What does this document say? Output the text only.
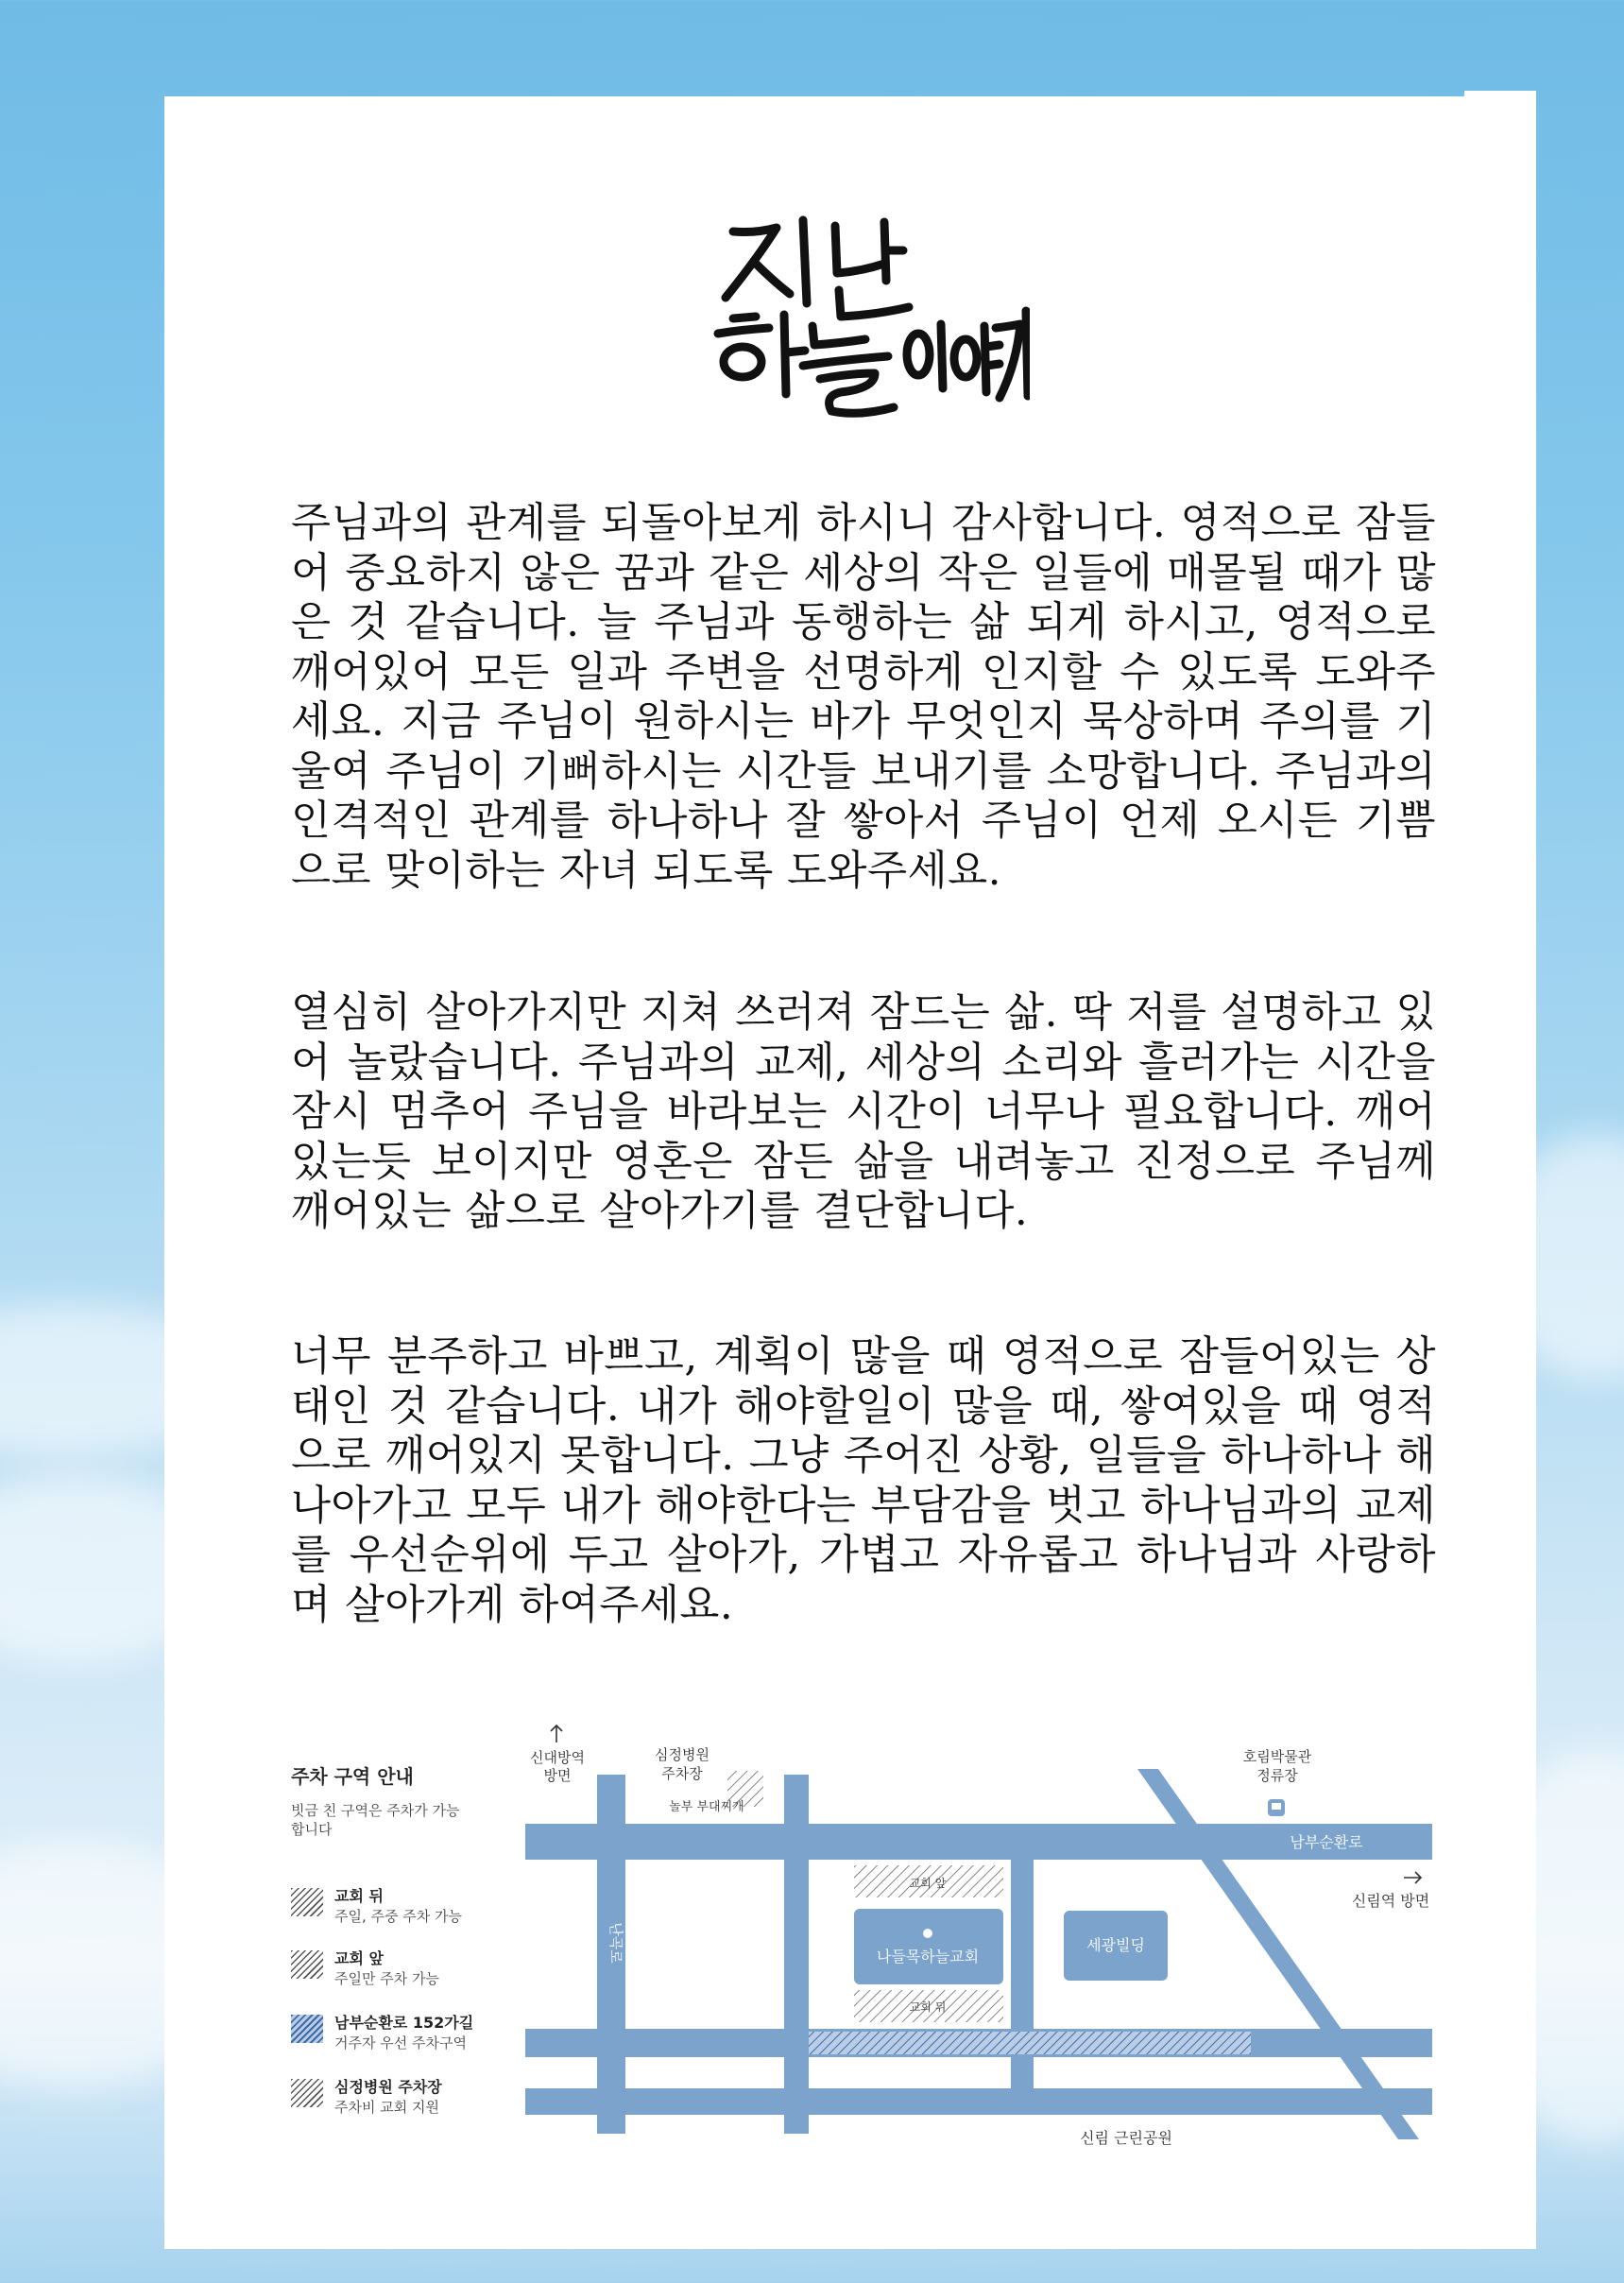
주님과의 관계를 되돌아보게 하시니 감사합니다. 영적으로 잠들어 중요하지 않은 꿈과 같은 세상의 작은 일들에 매몰될 때가 많은 것 같습니다. 늘 주님과 동행하는 삶 되게 하시고, 영적으로 깨어있어 모든 일과 주변을 선명하게 인지할 수 있도록 도와주세요. 지금 주님이 원하시는 바가 무엇인지 묵상하며 주의를 기울여 주님이 기뻐하시는 시간들 보내기를 소망합니다. 주님과의 인격적인 관계를 하나하나 잘 쌓아서 주님이 언제 오시든 기쁨으로 맞이하는 자녀 되도록 도와주세요.

열심히 살아가지만 지쳐 쓰러져 잠드는 삶. 딱 저를 설명하고 있어 놀랐습니다. 주님과의 교제, 세상의 소리와 흘러가는 시간을 잠시 멈추어 주님을 바라보는 시간이 너무나 필요합니다. 깨어있는듯 보이지만 영혼은 잠든 삶을 내려놓고 진정으로 주님께 깨어있는 삶으로 살아가기를 결단합니다.

너무 분주하고 바쁘고, 계획이 많을 때 영적으로 잠들어있는 상태인 것 같습니다. 내가 해야할일이 많을 때, 쌓여있을 때 영적으로 깨어있지 못합니다. 그냥 주어진 상황, 일들을 하나하나 해나아가고 모두 내가 해야한다는 부담감을 벗고 하나님과의 교제를 우선순위에 두고 살아가, 가볍고 자유롭고 하나님과 사랑하며 살아가게 하여주세요.

주차 구역 안내
빗금 친 구역은 주차가 가능합니다
교회 뒤
주일, 주중 주차 가능
교회 앞
주일만 주차 가능
남부순환로 152가길
거주자 우선 주차구역
심정병원 주차장
주차비 교회 지원
신대방역
방면
심정병원
주차장
놀부 부대찌개
호림박물관
정류장
남부순환로
신림역 방면
난곡로
교회 앞
교회 뒤
나들목하늘교회
세광빌딩
신림 근린공원
